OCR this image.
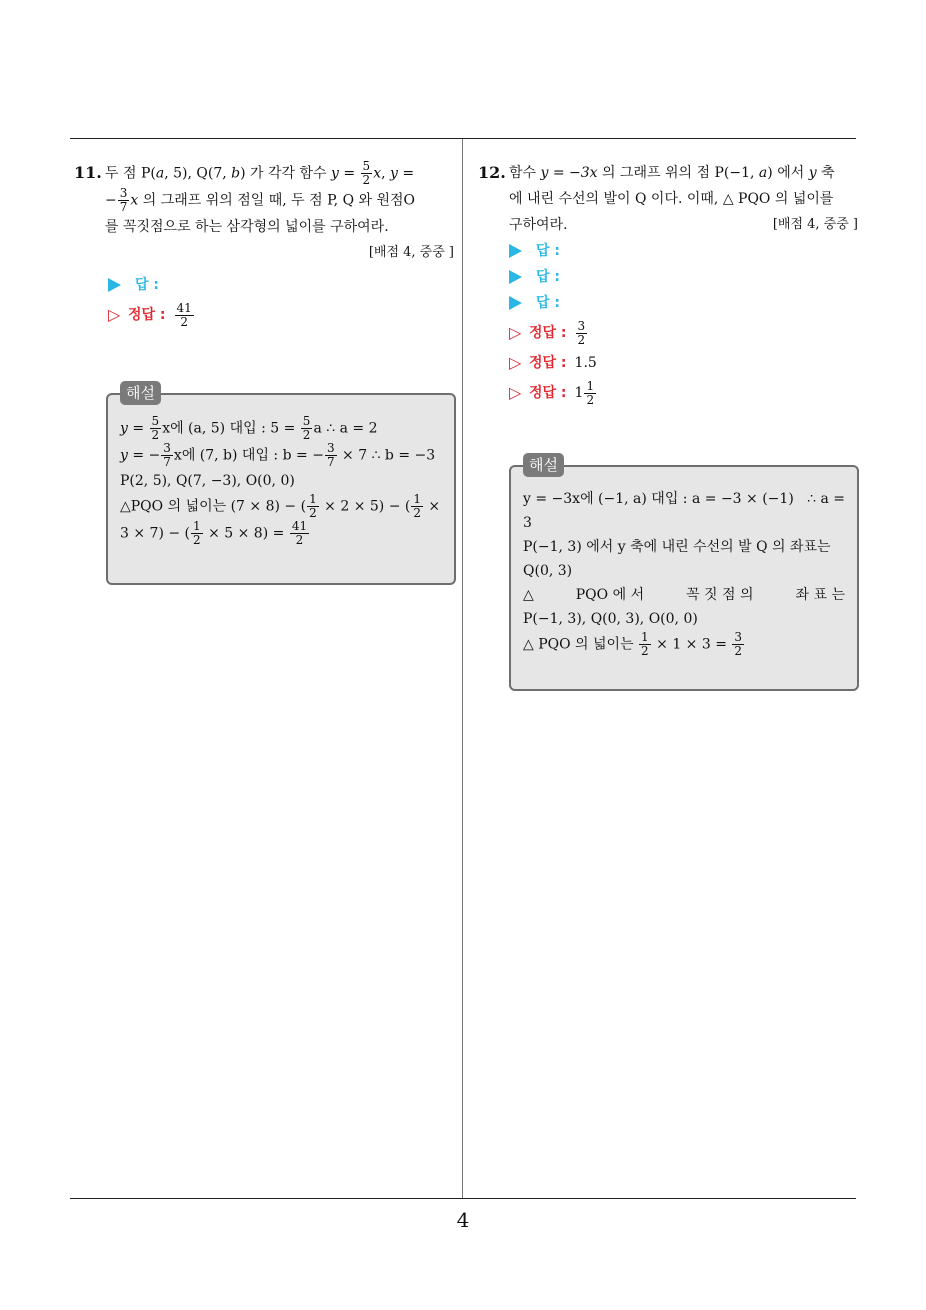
4
11. 두 점 P(a, 5), Q(7, b) 가 각각 함수 $y = \frac{5}{2} x$, y =
− $\frac{3}{7}$ x 의 그래프 위의 점일 때, 두 점 P, Q 와 원점O
를 꼭짓점으로 하는 삼각형의 넓이를 구하여라.
[배점 4, 중중 ]
답 :
▷ 정답 : $\frac{41}{2}$
해설
$y = \frac{5}{2}$ x에 (a, 5) 대입 : $5 = \frac{5}{2}$ a ∴ a = 2
y = − $\frac{3}{7}$ x에 (7, b) 대입 : b = − $\frac{3}{7} \times 7$ ∴ b = −3
P(2, 5), Q(7, −3), O(0, 0)
△PQO 의 넓이는 (7 × 8) − ( $\frac{1}{2} \times 2 \times 5$) − ( $\frac{1}{2}$ ×
3 × 7) − ( $\frac{1}{2} \times 5 \times 8) = \frac{41}{2}$
12. 함수 y = −3x 의 그래프 위의 점 P(−1, a) 에서 y 축
에 내린 수선의 발이 Q 이다. 이때, △ PQO 의 넓이를

구하여라.	[배점 4, 중중 ]
답 :
답 :
답 :
▷ 정답 : $\frac{3}{2}$
▷ 정답 : 1.5
▷ 정답 : $1 \frac{1}{2}$
해설
y = −3x에 (−1, a) 대입 : a = −3 × (−1) ∴ a =
3
P(−1, 3) 에서 y 축에 내린 수선의 발 Q 의 좌표는
Q(0, 3)
△	PQO 에 서	꼭 짓 점 의	좌 표 는
P(−1, 3), Q(0, 3), O(0, 0)
△ PQO 의 넓이는 $\frac{1}{2} \times 1 \times 3 = \frac{3}{2}$
